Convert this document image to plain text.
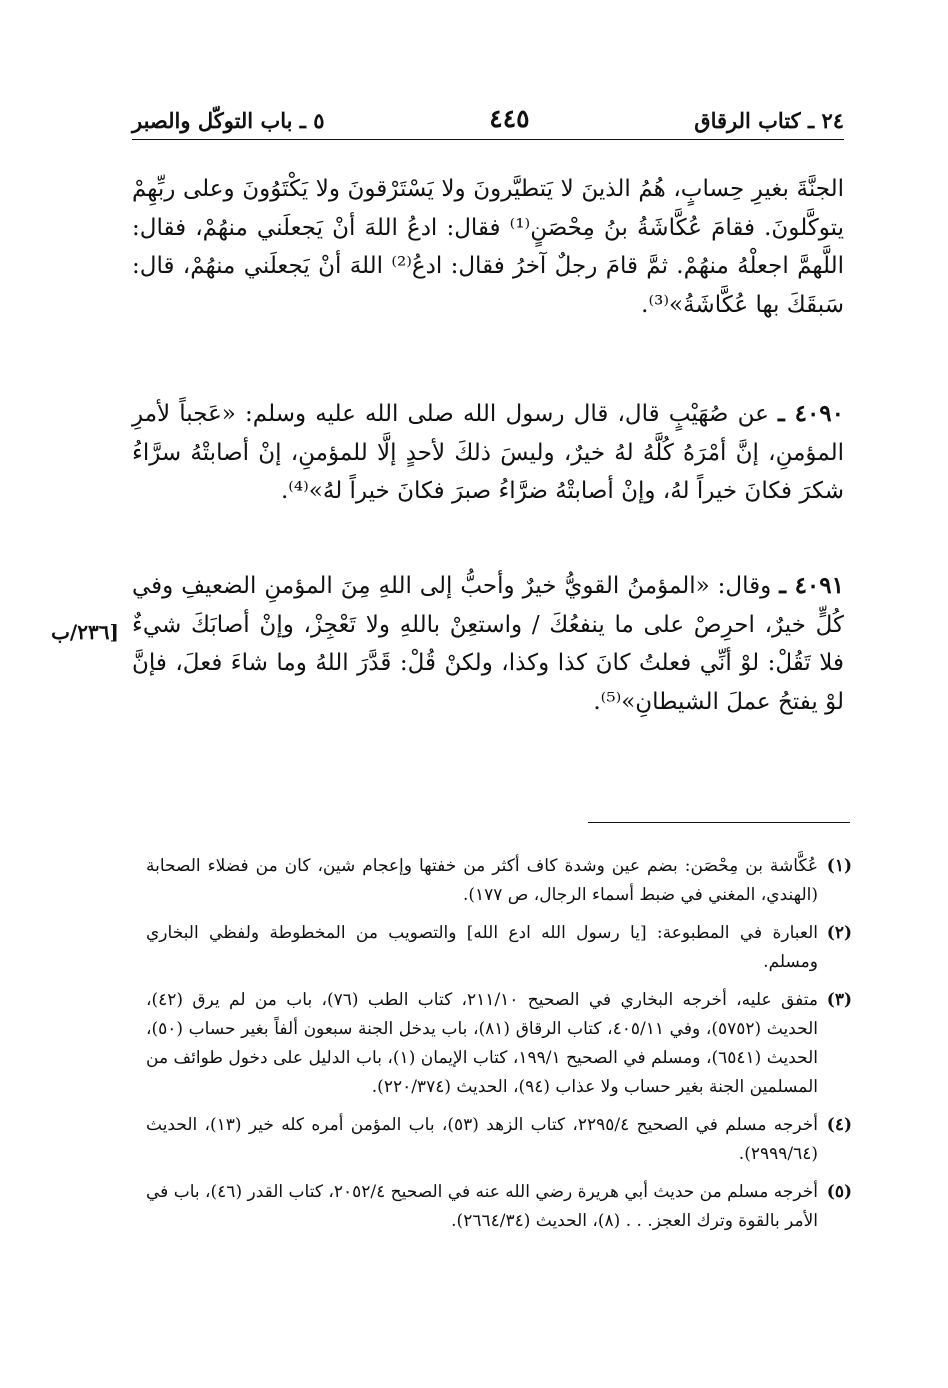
٢٤ ـ كتاب الرقاق
٤٤٥
٥ ـ باب التوكّل والصبر
الجنَّةَ بغيرِ حِسابٍ، هُمُ الذينَ لا يَتطيَّرونَ ولا يَسْتَرْقونَ ولا يَكْتَوُونَ وعلى ربِّهِمْ يتوكَّلونَ. فقامَ عُكَّاشَةُ بنُ مِحْصَنٍ⁽¹⁾ فقال: ادعُ اللهَ أنْ يَجعلَني منهُمْ، فقال: اللَّهمَّ اجعلْهُ منهُمْ. ثمَّ قامَ رجلٌ آخرُ فقال: ادعُ⁽²⁾ اللهَ أنْ يَجعلَني منهُمْ، قال: سَبقَكَ بها عُكَّاشَةُ»⁽³⁾.
٤٠٩٠ ـ عن صُهَيْبٍ قال، قال رسول الله صلى الله عليه وسلم: «عَجباً لأمرِ المؤمنِ، إنَّ أمْرَهُ كُلَّهُ لهُ خيرٌ، وليسَ ذلكَ لأحدٍ إلَّا للمؤمنِ، إنْ أصابتْهُ سرَّاءُ شكرَ فكانَ خيراً لهُ، وإنْ أصابتْهُ ضرَّاءُ صبرَ فكانَ خيراً لهُ»⁽⁴⁾.
٤٠٩١ ـ وقال: «المؤمنُ القويُّ خيرٌ وأحبُّ إلى اللهِ مِنَ المؤمنِ الضعيفِ وفي كُلٍّ خيرٌ، احرِصْ على ما ينفعُكَ / واستعِنْ باللهِ ولا تَعْجِزْ، وإنْ أصابَكَ شيءٌ فلا تَقُلْ: لوْ أنِّي فعلتُ كانَ كذا وكذا، ولكنْ قُلْ: قَدَّرَ اللهُ وما شاءَ فعلَ، فإنَّ لوْ يفتحُ عملَ الشيطانِ»⁽⁵⁾.
[٢٣٦/ب
(١)
عُكَّاشة بن مِحْصَن: بضم عين وشدة كاف أكثر من خفتها وإعجام شين، كان من فضلاء الصحابة (الهندي، المغني في ضبط أسماء الرجال، ص ١٧٧).
(٢)
العبارة في المطبوعة: [يا رسول الله ادع الله] والتصويب من المخطوطة ولفظي البخاري ومسلم.
(٣)
متفق عليه، أخرجه البخاري في الصحيح ٢١١/١٠، كتاب الطب (٧٦)، باب من لم يرق (٤٢)، الحديث (٥٧٥٢)، وفي ٤٠٥/١١، كتاب الرقاق (٨١)، باب يدخل الجنة سبعون ألفاً بغير حساب (٥٠)، الحديث (٦٥٤١)، ومسلم في الصحيح ١٩٩/١، كتاب الإيمان (١)، باب الدليل على دخول طوائف من المسلمين الجنة بغير حساب ولا عذاب (٩٤)، الحديث (٢٢٠/٣٧٤).
(٤)
أخرجه مسلم في الصحيح ٢٢٩٥/٤، كتاب الزهد (٥٣)، باب المؤمن أمره كله خير (١٣)، الحديث (٢٩٩٩/٦٤).
(٥)
أخرجه مسلم من حديث أبي هريرة رضي الله عنه في الصحيح ٢٠٥٢/٤، كتاب القدر (٤٦)، باب في الأمر بالقوة وترك العجز. . . (٨)، الحديث (٢٦٦٤/٣٤).
